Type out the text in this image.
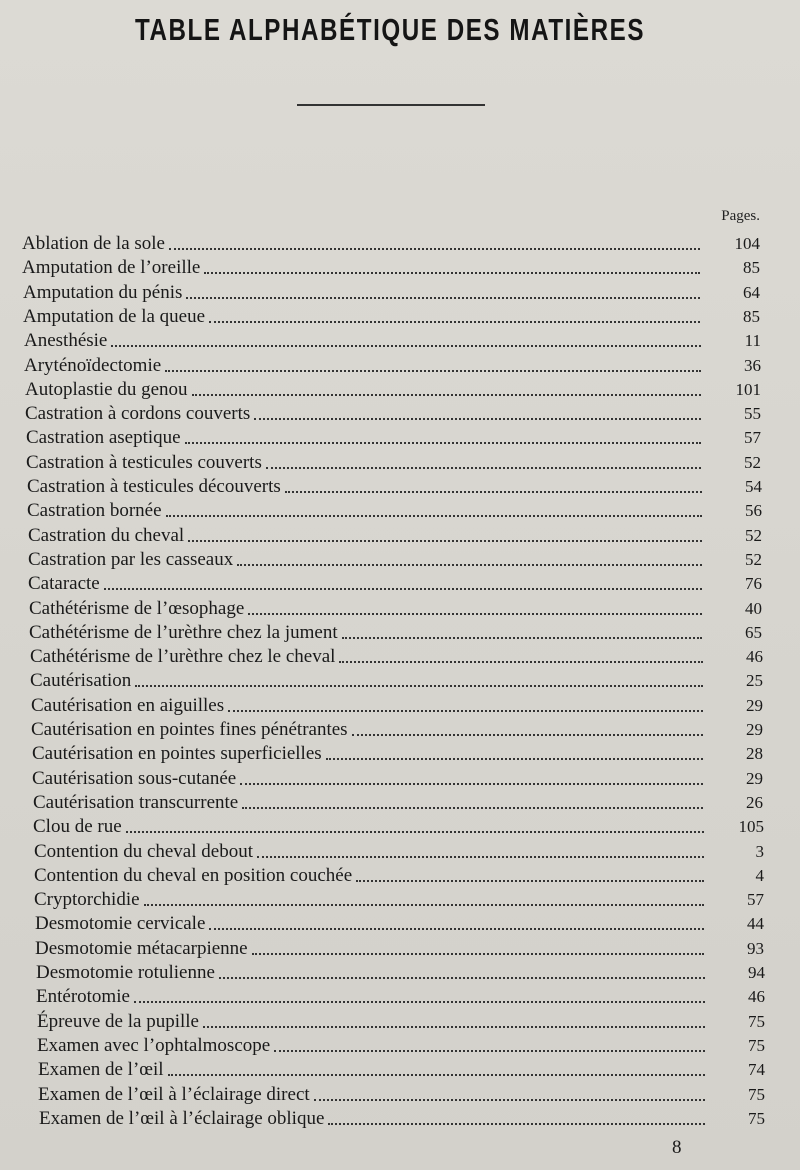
TABLE ALPHABÉTIQUE DES MATIÈRES
Pages.
Ablation de la sole	104
Amputation de l’oreille	85
Amputation du pénis	64
Amputation de la queue	85
Anesthésie	11
Aryténoïdectomie	36
Autoplastie du genou	101
Castration à cordons couverts	55
Castration aseptique	57
Castration à testicules couverts	52
Castration à testicules découverts	54
Castration bornée	56
Castration du cheval	52
Castration par les casseaux	52
Cataracte	76
Cathétérisme de l’œsophage	40
Cathétérisme de l’urèthre chez la jument	65
Cathétérisme de l’urèthre chez le cheval	46
Cautérisation	25
Cautérisation en aiguilles	29
Cautérisation en pointes fines pénétrantes	29
Cautérisation en pointes superficielles	28
Cautérisation sous-cutanée	29
Cautérisation transcurrente	26
Clou de rue	105
Contention du cheval debout	3
Contention du cheval en position couchée	4
Cryptorchidie	57
Desmotomie cervicale	44
Desmotomie métacarpienne	93
Desmotomie rotulienne	94
Entérotomie	46
Épreuve de la pupille	75
Examen avec l’ophtalmoscope	75
Examen de l’œil	74
Examen de l’œil à l’éclairage direct	75
Examen de l’œil à l’éclairage oblique	75
8
